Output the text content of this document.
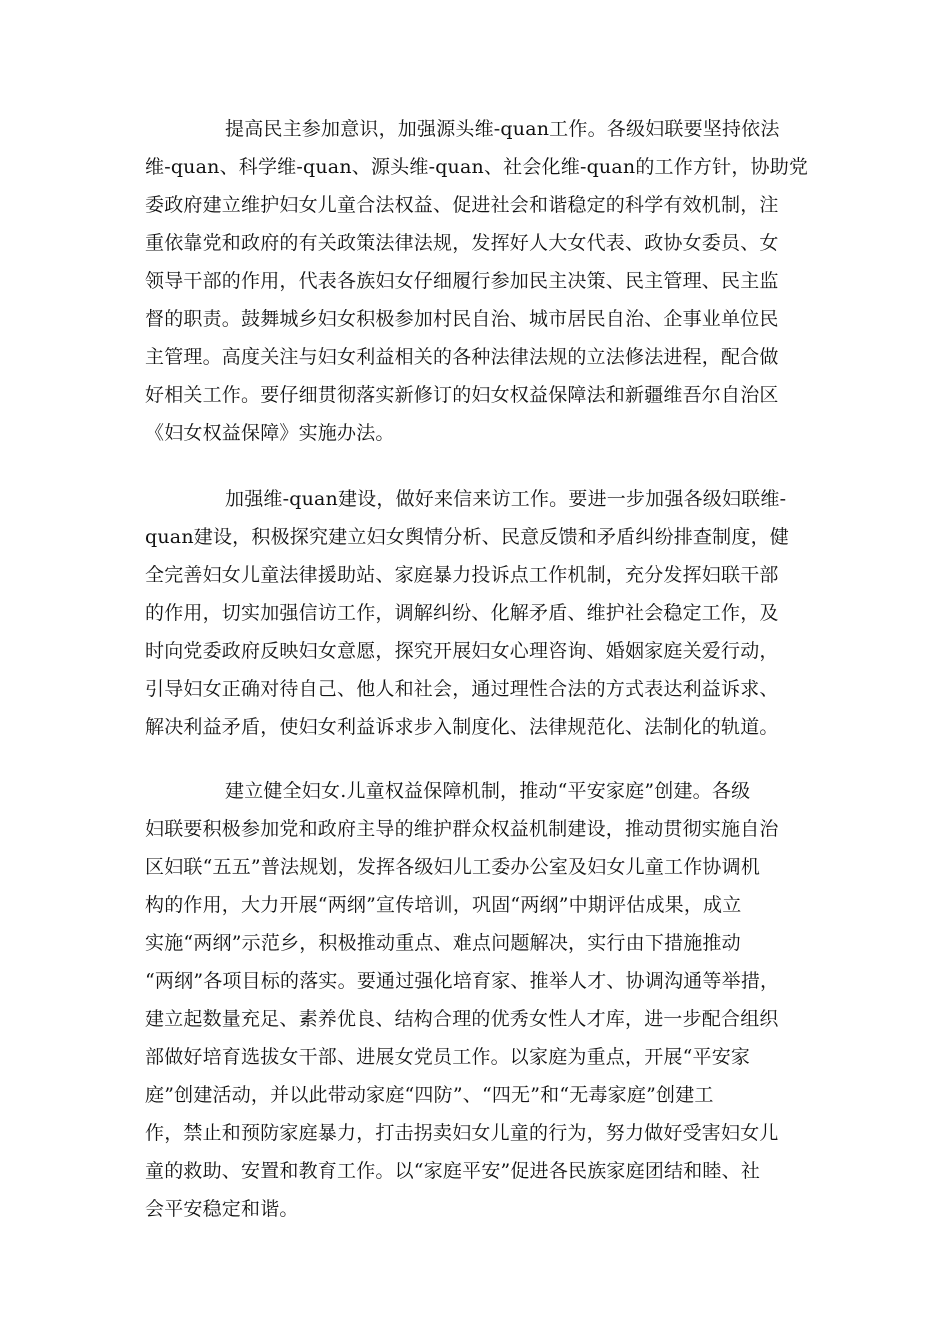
提高民主参加意识，加强源头维-quan工作。各级妇联要坚持依法
维-quan、科学维-quan、源头维-quan、社会化维-quan的工作方针，协助党
委政府建立维护妇女儿童合法权益、促进社会和谐稳定的科学有效机制，注
重依靠党和政府的有关政策法律法规，发挥好人大女代表、政协女委员、女
领导干部的作用，代表各族妇女仔细履行参加民主决策、民主管理、民主监
督的职责。鼓舞城乡妇女积极参加村民自治、城市居民自治、企事业单位民
主管理。高度关注与妇女利益相关的各种法律法规的立法修法进程，配合做
好相关工作。要仔细贯彻落实新修订的妇女权益保障法和新疆维吾尔自治区
《妇女权益保障》实施办法。
加强维-quan建设，做好来信来访工作。要进一步加强各级妇联维-
quan建设，积极探究建立妇女舆情分析、民意反馈和矛盾纠纷排查制度，健
全完善妇女儿童法律援助站、家庭暴力投诉点工作机制，充分发挥妇联干部
的作用，切实加强信访工作，调解纠纷、化解矛盾、维护社会稳定工作，及
时向党委政府反映妇女意愿，探究开展妇女心理咨询、婚姻家庭关爱行动，
引导妇女正确对待自己、他人和社会，通过理性合法的方式表达利益诉求、
解决利益矛盾，使妇女利益诉求步入制度化、法律规范化、法制化的轨道。
建立健全妇女.儿童权益保障机制，推动“平安家庭”创建。各级
妇联要积极参加党和政府主导的维护群众权益机制建设，推动贯彻实施自治
区妇联“五五”普法规划，发挥各级妇儿工委办公室及妇女儿童工作协调机
构的作用，大力开展“两纲”宣传培训，巩固“两纲”中期评估成果，成立
实施“两纲”示范乡，积极推动重点、难点问题解决，实行由下措施推动
“两纲”各项目标的落实。要通过强化培育家、推举人才、协调沟通等举措，
建立起数量充足、素养优良、结构合理的优秀女性人才库，进一步配合组织
部做好培育选拔女干部、进展女党员工作。以家庭为重点，开展“平安家
庭”创建活动，并以此带动家庭“四防”、“四无”和“无毒家庭”创建工
作，禁止和预防家庭暴力，打击拐卖妇女儿童的行为，努力做好受害妇女儿
童的救助、安置和教育工作。以“家庭平安”促进各民族家庭团结和睦、社
会平安稳定和谐。
